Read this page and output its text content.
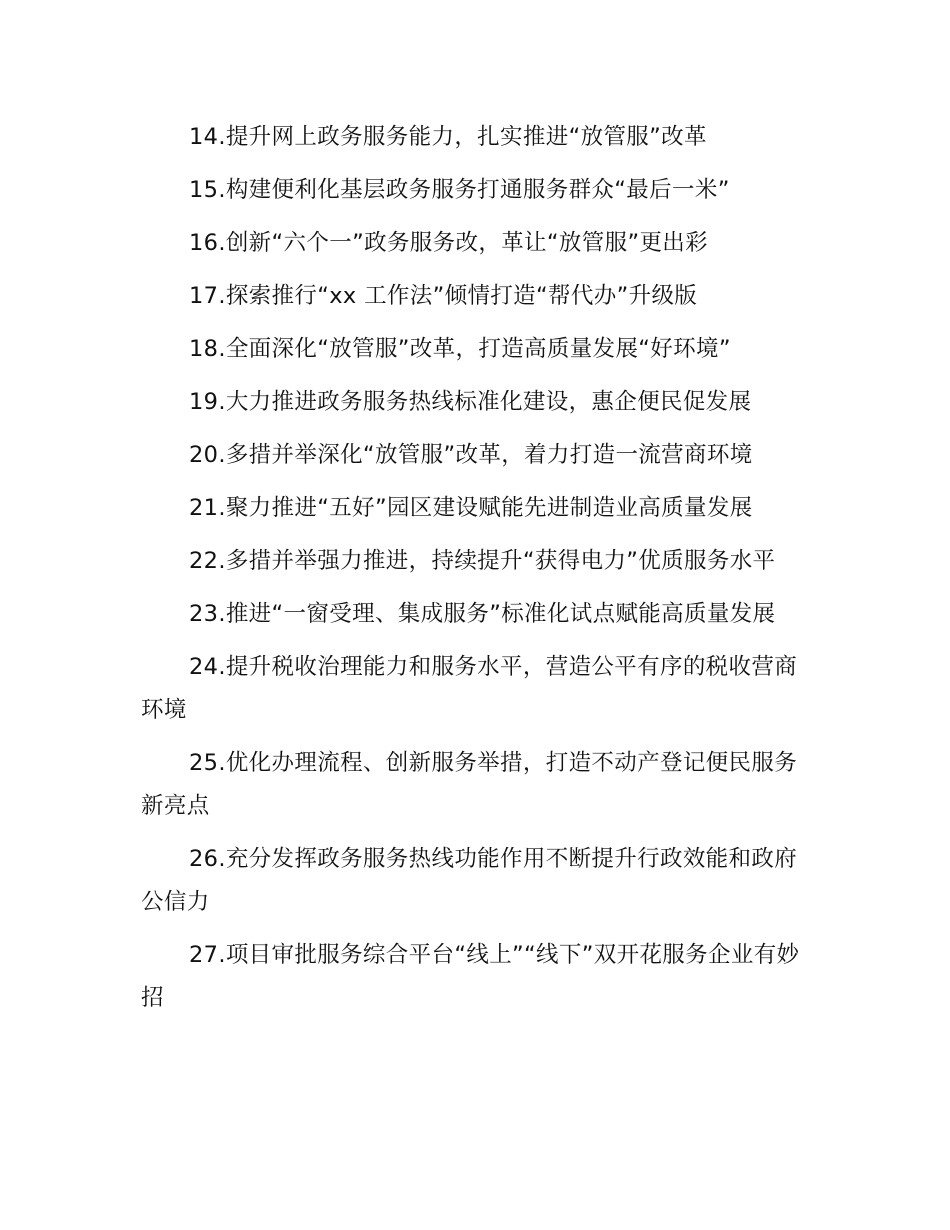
14.提升网上政务服务能力，扎实推进“放管服”改革

15.构建便利化基层政务服务打通服务群众“最后一米”

16.创新“六个一”政务服务改，革让“放管服”更出彩

17.探索推行“xx 工作法”倾情打造“帮代办”升级版

18.全面深化“放管服”改革，打造高质量发展“好环境”

19.大力推进政务服务热线标准化建设，惠企便民促发展

20.多措并举深化“放管服”改革，着力打造一流营商环境

21.聚力推进“五好”园区建设赋能先进制造业高质量发展

22.多措并举强力推进，持续提升“获得电力”优质服务水平

23.推进“一窗受理、集成服务”标准化试点赋能高质量发展

24.提升税收治理能力和服务水平，营造公平有序的税收营商环境

25.优化办理流程、创新服务举措，打造不动产登记便民服务新亮点

26.充分发挥政务服务热线功能作用不断提升行政效能和政府公信力

27.项目审批服务综合平台“线上”“线下”双开花服务企业有妙招
